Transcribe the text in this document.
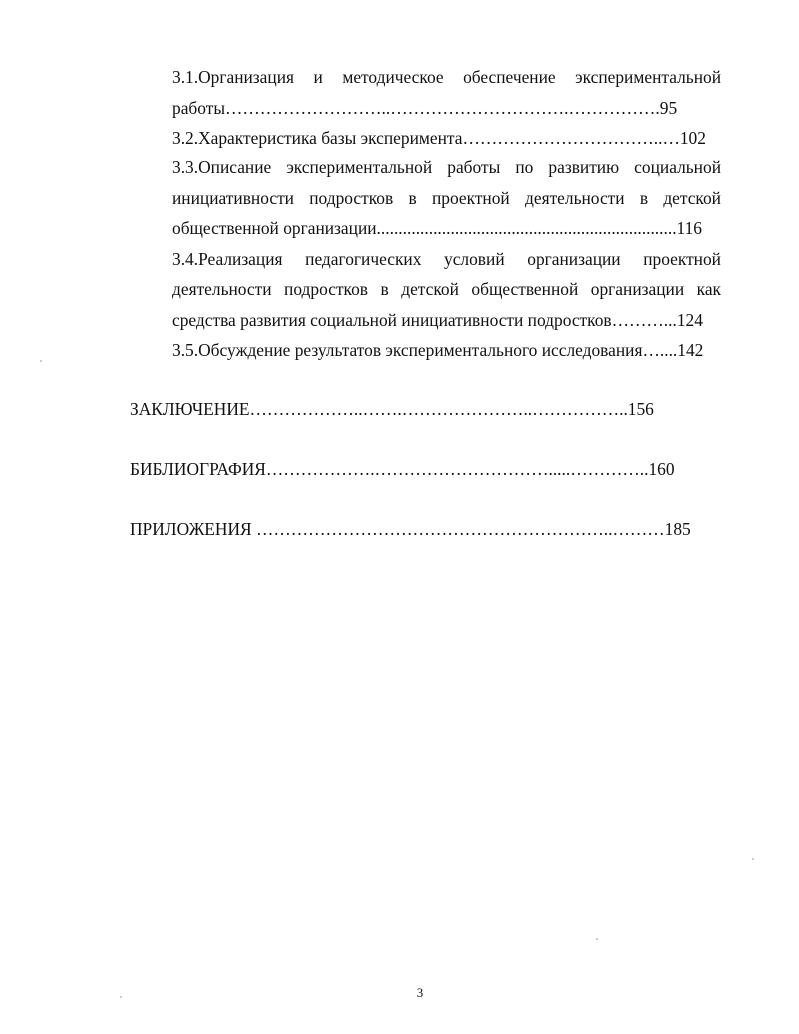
3.1.Организация и методическое обеспечение экспериментальной
работы………………………..………………………….…………….95
3.2.Характеристика базы эксперимента……………………………..…102
3.3.Описание экспериментальной работы по развитию социальной
инициативности подростков в проектной деятельности в детской
общественной организации.....................................................................116
3.4.Реализация педагогических условий организации проектной
деятельности подростков в детской общественной организации как
средства развития социальной инициативности подростков………...124
3.5.Обсуждение результатов экспериментального исследования…....142
ЗАКЛЮЧЕНИЕ………………..…….…………………..……………..156
БИБЛИОГРАФИЯ……………….………………………….....…………..160
ПРИЛОЖЕНИЯ ……………………………………………………..………185
3
